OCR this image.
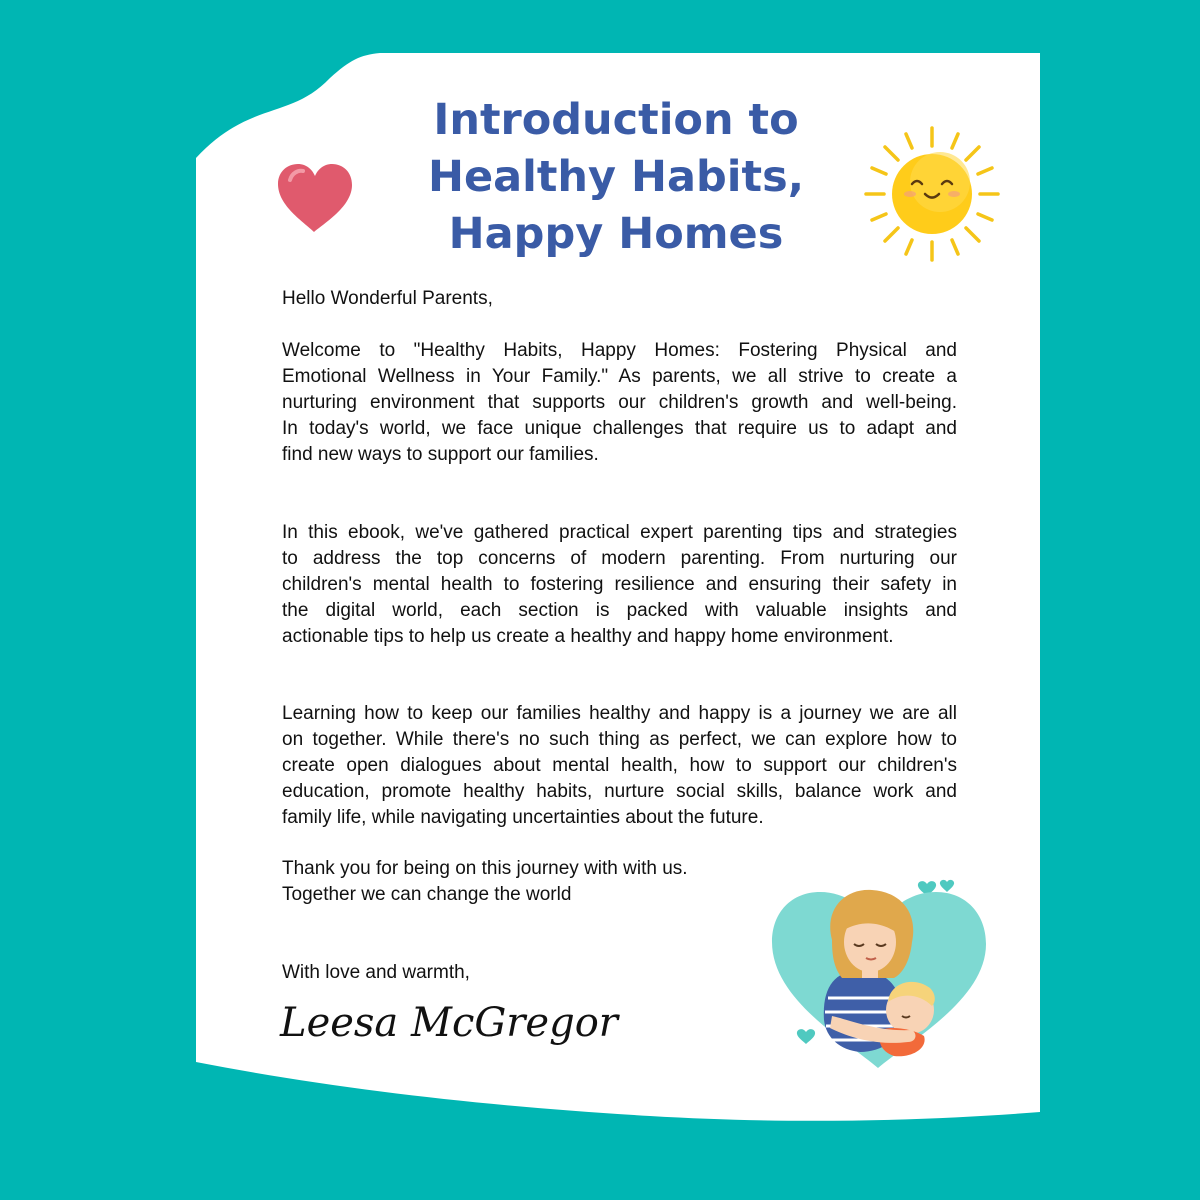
Introduction to
Healthy Habits,
Happy Homes

Hello Wonderful Parents,

Welcome to "Healthy Habits, Happy Homes: Fostering Physical and
Emotional Wellness in Your Family." As parents, we all strive to create a
nurturing environment that supports our children's growth and well-being.
In today's world, we face unique challenges that require us to adapt and
find new ways to support our families.
In this ebook, we've gathered practical expert parenting tips and strategies
to address the top concerns of modern parenting. From nurturing our
children's mental health to fostering resilience and ensuring their safety in
the digital world, each section is packed with valuable insights and
actionable tips to help us create a healthy and happy home environment.
Learning how to keep our families healthy and happy is a journey we are all
on together. While there's no such thing as perfect, we can explore how to
create open dialogues about mental health, how to support our children's
education, promote healthy habits, nurture social skills, balance work and
family life, while navigating uncertainties about the future.

Thank you for being on this journey with with us.

Together we can change the world

With love and warmth,

Leesa McGregor
